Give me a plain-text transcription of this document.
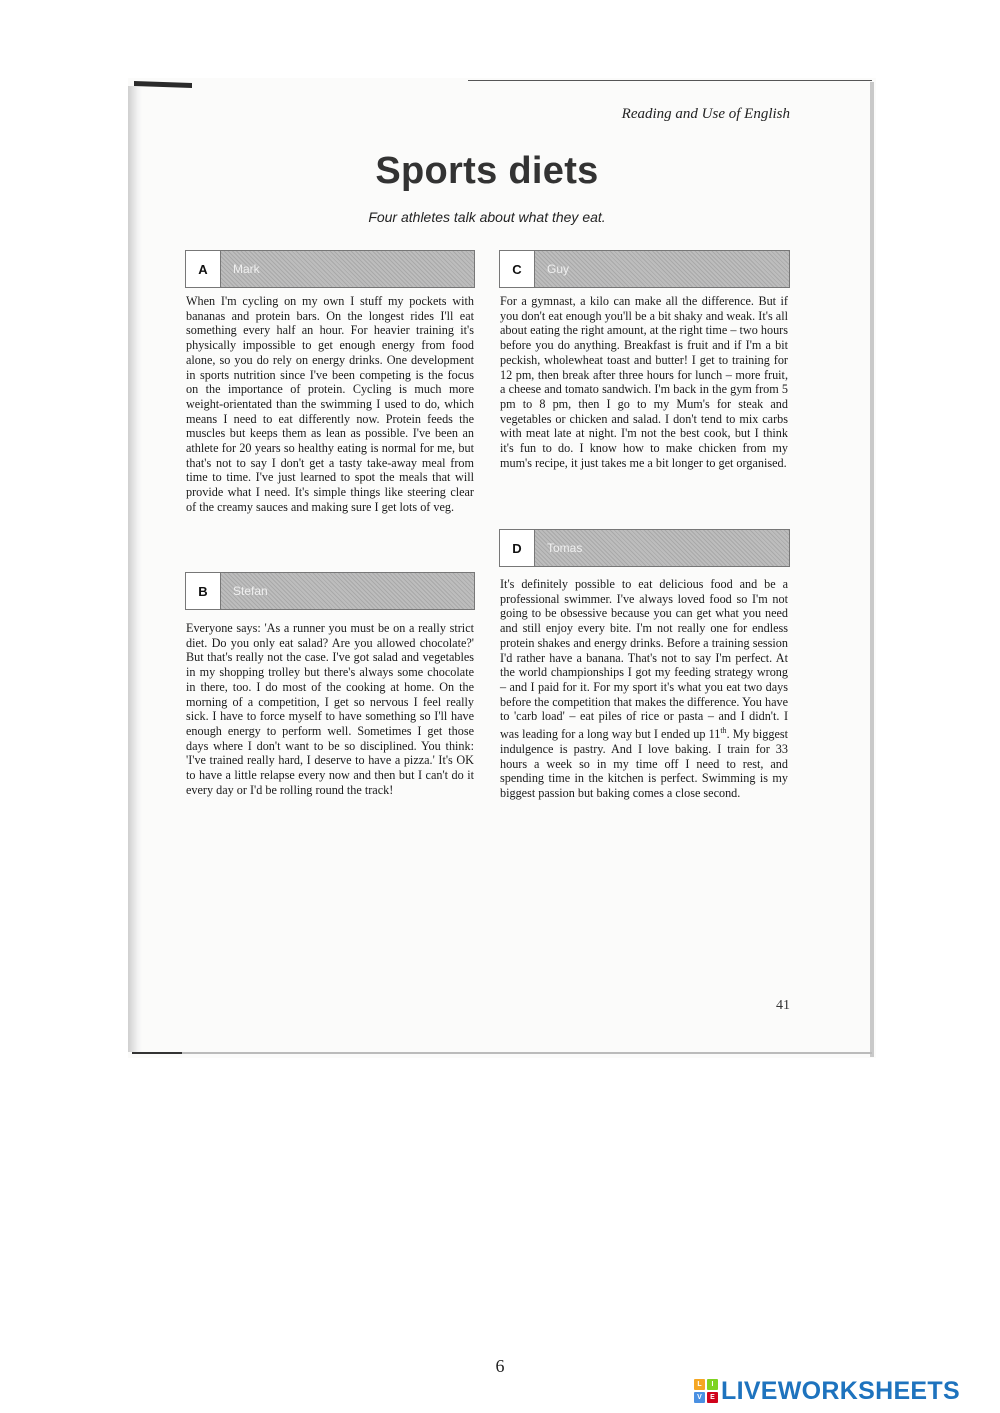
Reading and Use of English
Sports diets
Four athletes talk about what they eat.
A	Mark

When I'm cycling on my own I stuff my pockets with bananas and protein bars. On the longest rides I'll eat something every half an hour. For heavier training it's physically impossible to get enough energy from food alone, so you do rely on energy drinks. One development in sports nutrition since I've been competing is the focus on the importance of protein. Cycling is much more weight-orientated than the swimming I used to do, which means I need to eat differently now. Protein feeds the muscles but keeps them as lean as possible. I've been an athlete for 20 years so healthy eating is normal for me, but that's not to say I don't get a tasty take-away meal from time to time. I've just learned to spot the meals that will provide what I need. It's simple things like steering clear of the creamy sauces and making sure I get lots of veg.

B	Stefan

Everyone says: 'As a runner you must be on a really strict diet. Do you only eat salad? Are you allowed chocolate?' But that's really not the case. I've got salad and vegetables in my shopping trolley but there's always some chocolate in there, too. I do most of the cooking at home. On the morning of a competition, I get so nervous I feel really sick. I have to force myself to have something so I'll have enough energy to perform well. Sometimes I get those days where I don't want to be so disciplined. You think: 'I've trained really hard, I deserve to have a pizza.' It's OK to have a little relapse every now and then but I can't do it every day or I'd be rolling round the track!

C	Guy

For a gymnast, a kilo can make all the difference. But if you don't eat enough you'll be a bit shaky and weak. It's all about eating the right amount, at the right time – two hours before you do anything. Breakfast is fruit and if I'm a bit peckish, wholewheat toast and butter! I get to training for 12 pm, then break after three hours for lunch – more fruit, a cheese and tomato sandwich. I'm back in the gym from 5 pm to 8 pm, then I go to my Mum's for steak and vegetables or chicken and salad. I don't tend to mix carbs with meat late at night. I'm not the best cook, but I think it's fun to do. I know how to make chicken from my mum's recipe, it just takes me a bit longer to get organised.

D	Tomas

It's definitely possible to eat delicious food and be a professional swimmer. I've always loved food so I'm not going to be obsessive because you can get what you need and still enjoy every bite. I'm not really one for endless protein shakes and energy drinks. Before a training session I'd rather have a banana. That's not to say I'm perfect. At the world championships I got my feeding strategy wrong – and I paid for it. For my sport it's what you eat two days before the competition that makes the difference. You have to 'carb load' – eat piles of rice or pasta – and I didn't. I was leading for a long way but I ended up 11th. My biggest indulgence is pastry. And I love baking. I train for 33 hours a week so in my time off I need to rest, and spending time in the kitchen is perfect. Swimming is my biggest passion but baking comes a close second.

41
6
L	I
V	E LIVEWORKSHEETS
